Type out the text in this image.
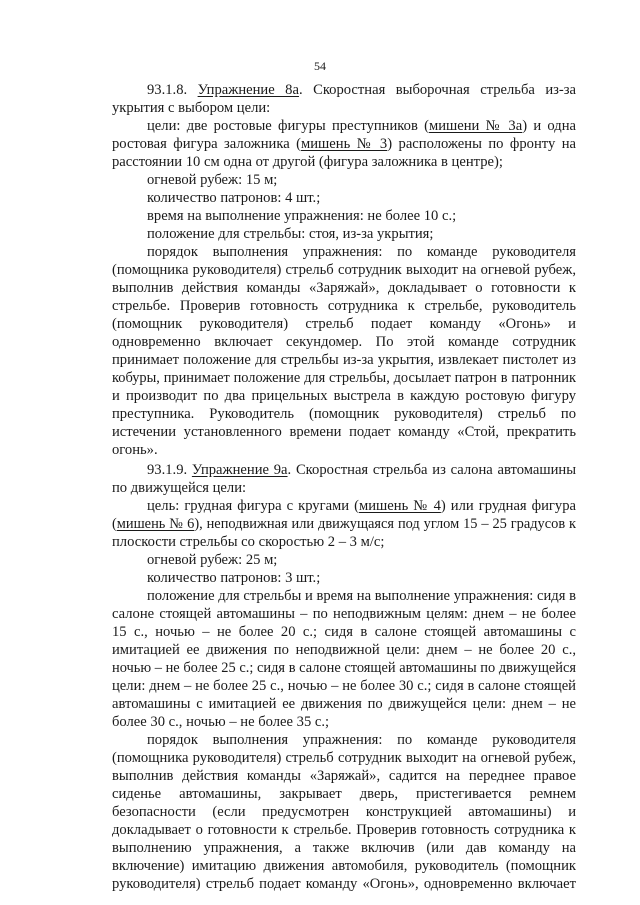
54
93.1.8. Упражнение 8а. Скоростная выборочная стрельба из-за
укрытия с выбором цели:
цели: две ростовые фигуры преступников (мишени № 3а) и одна
ростовая фигура заложника (мишень № 3) расположены по фронту на
расстоянии 10 см одна от другой (фигура заложника в центре);
огневой рубеж: 15 м;
количество патронов: 4 шт.;
время на выполнение упражнения: не более 10 с.;
положение для стрельбы: стоя, из-за укрытия;
порядок выполнения упражнения: по команде руководителя
(помощника руководителя) стрельб сотрудник выходит на огневой рубеж,
выполнив действия команды «Заряжай», докладывает о готовности к
стрельбе. Проверив готовность сотрудника к стрельбе, руководитель
(помощник руководителя) стрельб подает команду «Огонь» и
одновременно включает секундомер. По этой команде сотрудник
принимает положение для стрельбы из-за укрытия, извлекает пистолет из
кобуры, принимает положение для стрельбы, досылает патрон в патронник
и производит по два прицельных выстрела в каждую ростовую фигуру
преступника. Руководитель (помощник руководителя) стрельб по
истечении установленного времени подает команду «Стой, прекратить
огонь».
93.1.9. Упражнение 9а. Скоростная стрельба из салона автомашины
по движущейся цели:
цель: грудная фигура с кругами (мишень № 4) или грудная фигура
(мишень № 6), неподвижная или движущаяся под углом 15 – 25 градусов к
плоскости стрельбы со скоростью 2 – 3 м/с;
огневой рубеж: 25 м;
количество патронов: 3 шт.;
положение для стрельбы и время на выполнение упражнения: сидя в
салоне стоящей автомашины – по неподвижным целям: днем – не более
15 с., ночью – не более 20 с.; сидя в салоне стоящей автомашины с
имитацией ее движения по неподвижной цели: днем – не более 20 с.,
ночью – не более 25 с.; сидя в салоне стоящей автомашины по движущейся
цели: днем – не более 25 с., ночью – не более 30 с.; сидя в салоне стоящей
автомашины с имитацией ее движения по движущейся цели: днем – не
более 30 с., ночью – не более 35 с.;
порядок выполнения упражнения: по команде руководителя
(помощника руководителя) стрельб сотрудник выходит на огневой рубеж,
выполнив действия команды «Заряжай», садится на переднее правое
сиденье автомашины, закрывает дверь, пристегивается ремнем
безопасности (если предусмотрен конструкцией автомашины) и
докладывает о готовности к стрельбе. Проверив готовность сотрудника к
выполнению упражнения, а также включив (или дав команду на
включение) имитацию движения автомобиля, руководитель (помощник
руководителя) стрельб подает команду «Огонь», одновременно включает
